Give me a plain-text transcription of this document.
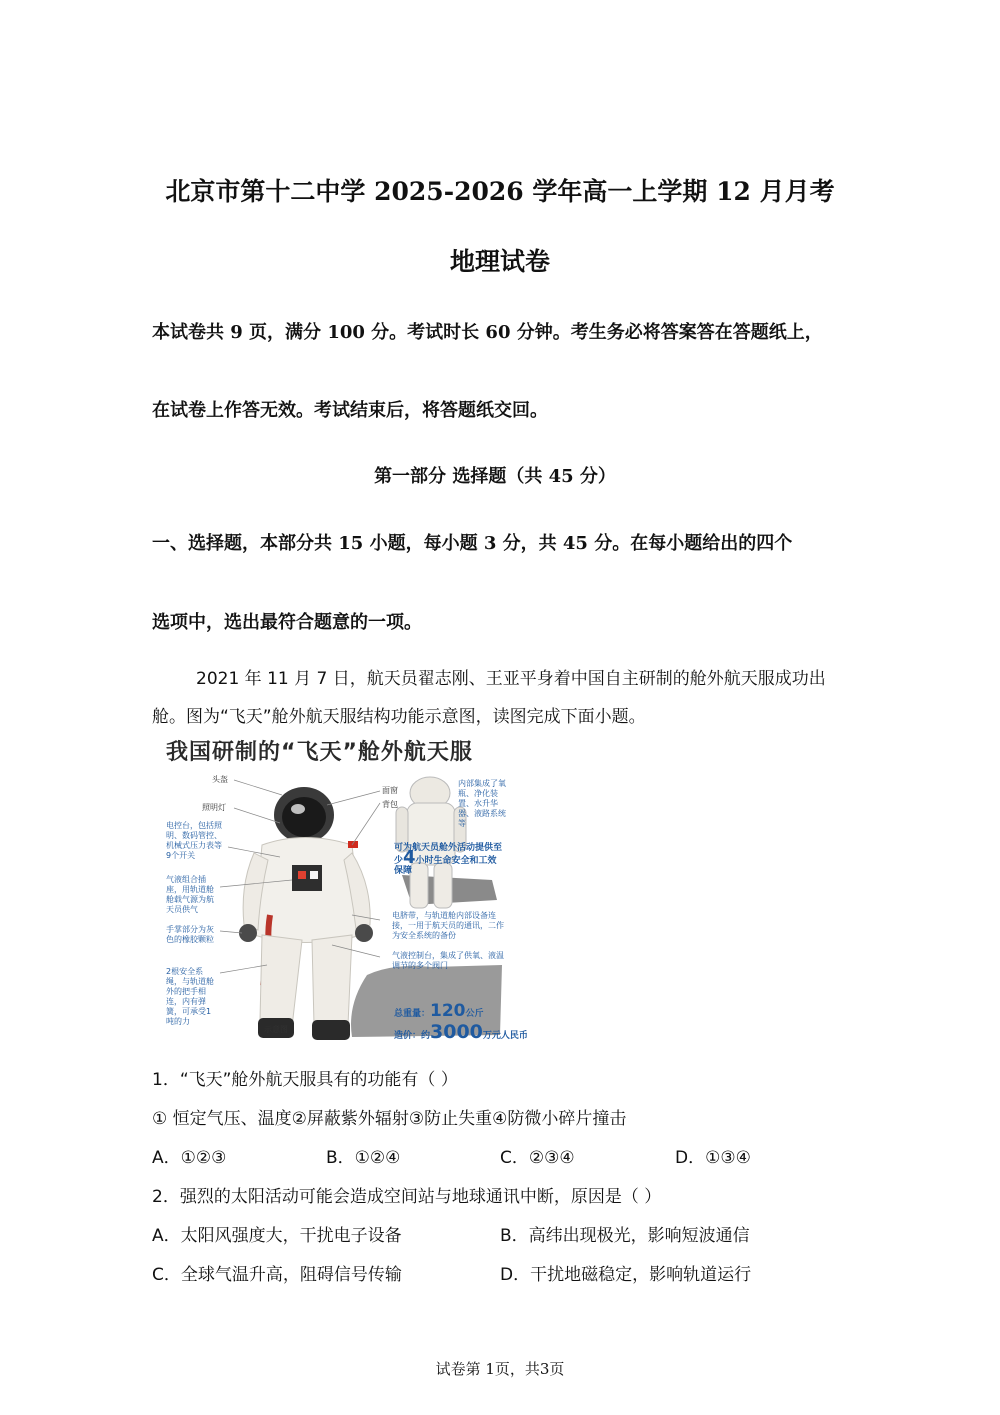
北京市第十二中学 2025-2026 学年高一上学期 12 月月考
地理试卷
本试卷共 9 页，满分 100 分。考试时长 60 分钟。考生务必将答案答在答题纸上，
在试卷上作答无效。考试结束后，将答题纸交回。
第一部分 选择题（共 45 分）
一、选择题，本部分共 15 小题，每小题 3 分，共 45 分。在每小题给出的四个
选项中，选出最符合题意的一项。
2021 年 11 月 7 日，航天员翟志刚、王亚平身着中国自主研制的舱外航天服成功出
舱。图为“飞天”舱外航天服结构功能示意图，读图完成下面小题。
我国研制的“飞天”舱外航天服
头盔
照明灯
电控台，包括照明、数码管控、机械式压力表等9个开关
气液组合插座，用轨道舱舱载气源为航天员供气
手掌部分为灰色的橡胶颗粒
2根安全系绳，与轨道舱外的把手相连，内有弹簧，可承受1吨的力
示意图
面窗
背包
内部集成了氧瓶、净化装置、水升华器、液路系统等
可为航天员舱外活动提供至少4小时生命安全和工效保障
电脐带，与轨道舱内部设备连接，一用于航天员的通讯，二作为安全系统的备份
气液控制台，集成了供氧、液温调节的多个阀门
总重量：120公斤
造价：约3000万元人民币
1．“飞天”舱外航天服具有的功能有（ ）
① 恒定气压、温度②屏蔽紫外辐射③防止失重④防微小碎片撞击
A．①②③	B．①②④	C．②③④	D．①③④
2．强烈的太阳活动可能会造成空间站与地球通讯中断，原因是（ ）
A．太阳风强度大，干扰电子设备	B．高纬出现极光，影响短波通信
C．全球气温升高，阻碍信号传输	D．干扰地磁稳定，影响轨道运行
试卷第 1页，共3页
